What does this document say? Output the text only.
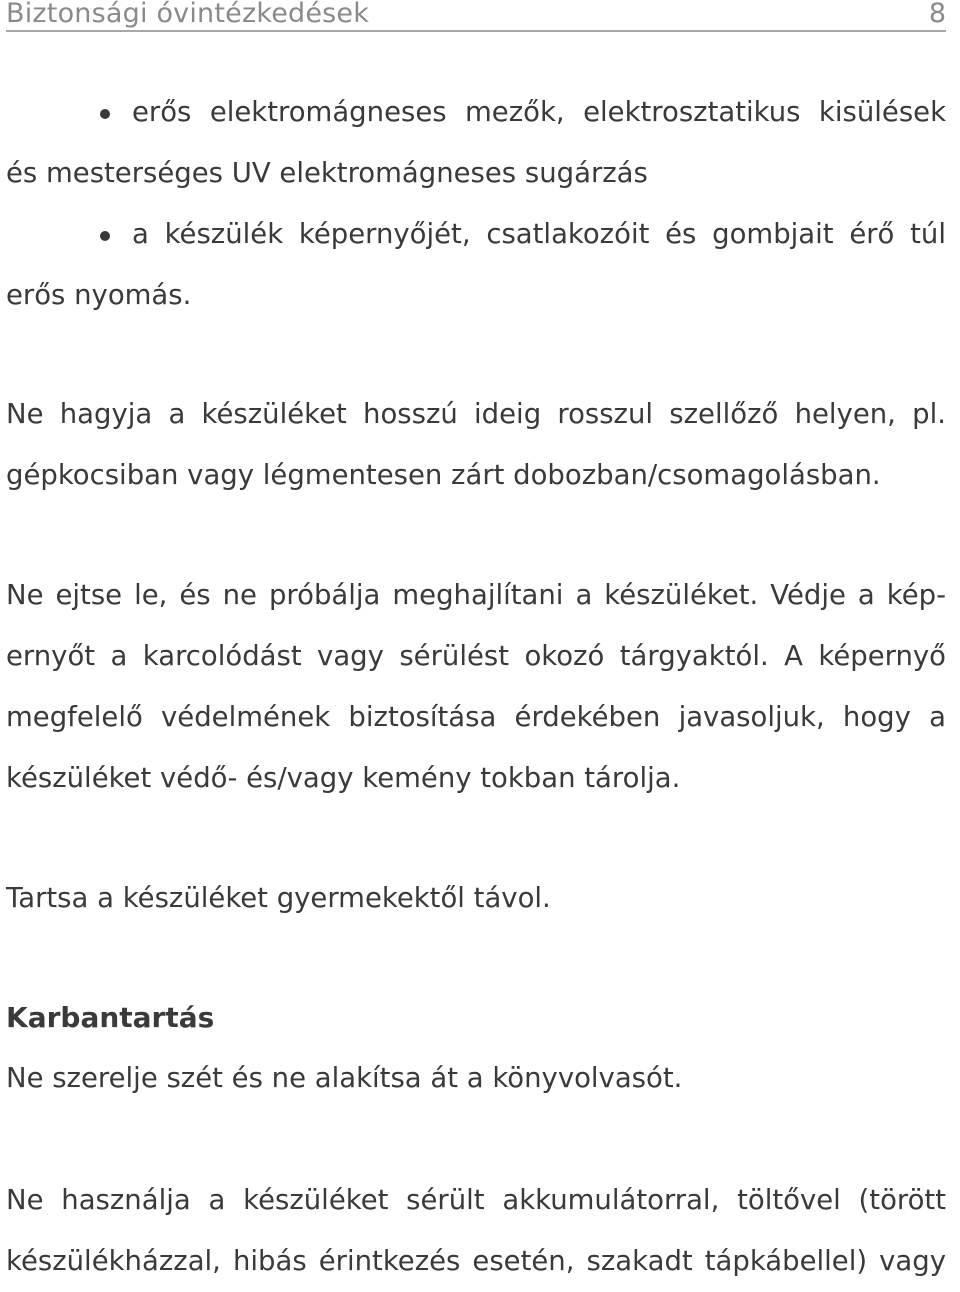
Biztonsági óvintézkedések	8
erős elektromágneses mezők, elektrosztatikus kisülések
és mesterséges UV elektromágneses sugárzás
a készülék képernyőjét, csatlakozóit és gombjait érő túl
erős nyomás.
Ne hagyja a készüléket hosszú ideig rosszul szellőző helyen, pl.
gépkocsiban vagy légmentesen zárt dobozban/csomagolásban.
Ne ejtse le, és ne próbálja meghajlítani a készüléket. Védje a kép-
ernyőt a karcolódást vagy sérülést okozó tárgyaktól. A képernyő
megfelelő védelmének biztosítása érdekében javasoljuk, hogy a
készüléket védő- és/vagy kemény tokban tárolja.
Tartsa a készüléket gyermekektől távol.
Karbantartás
Ne szerelje szét és ne alakítsa át a könyvolvasót.
Ne használja a készüléket sérült akkumulátorral, töltővel (törött
készülékházzal, hibás érintkezés esetén, szakadt tápkábellel) vagy
